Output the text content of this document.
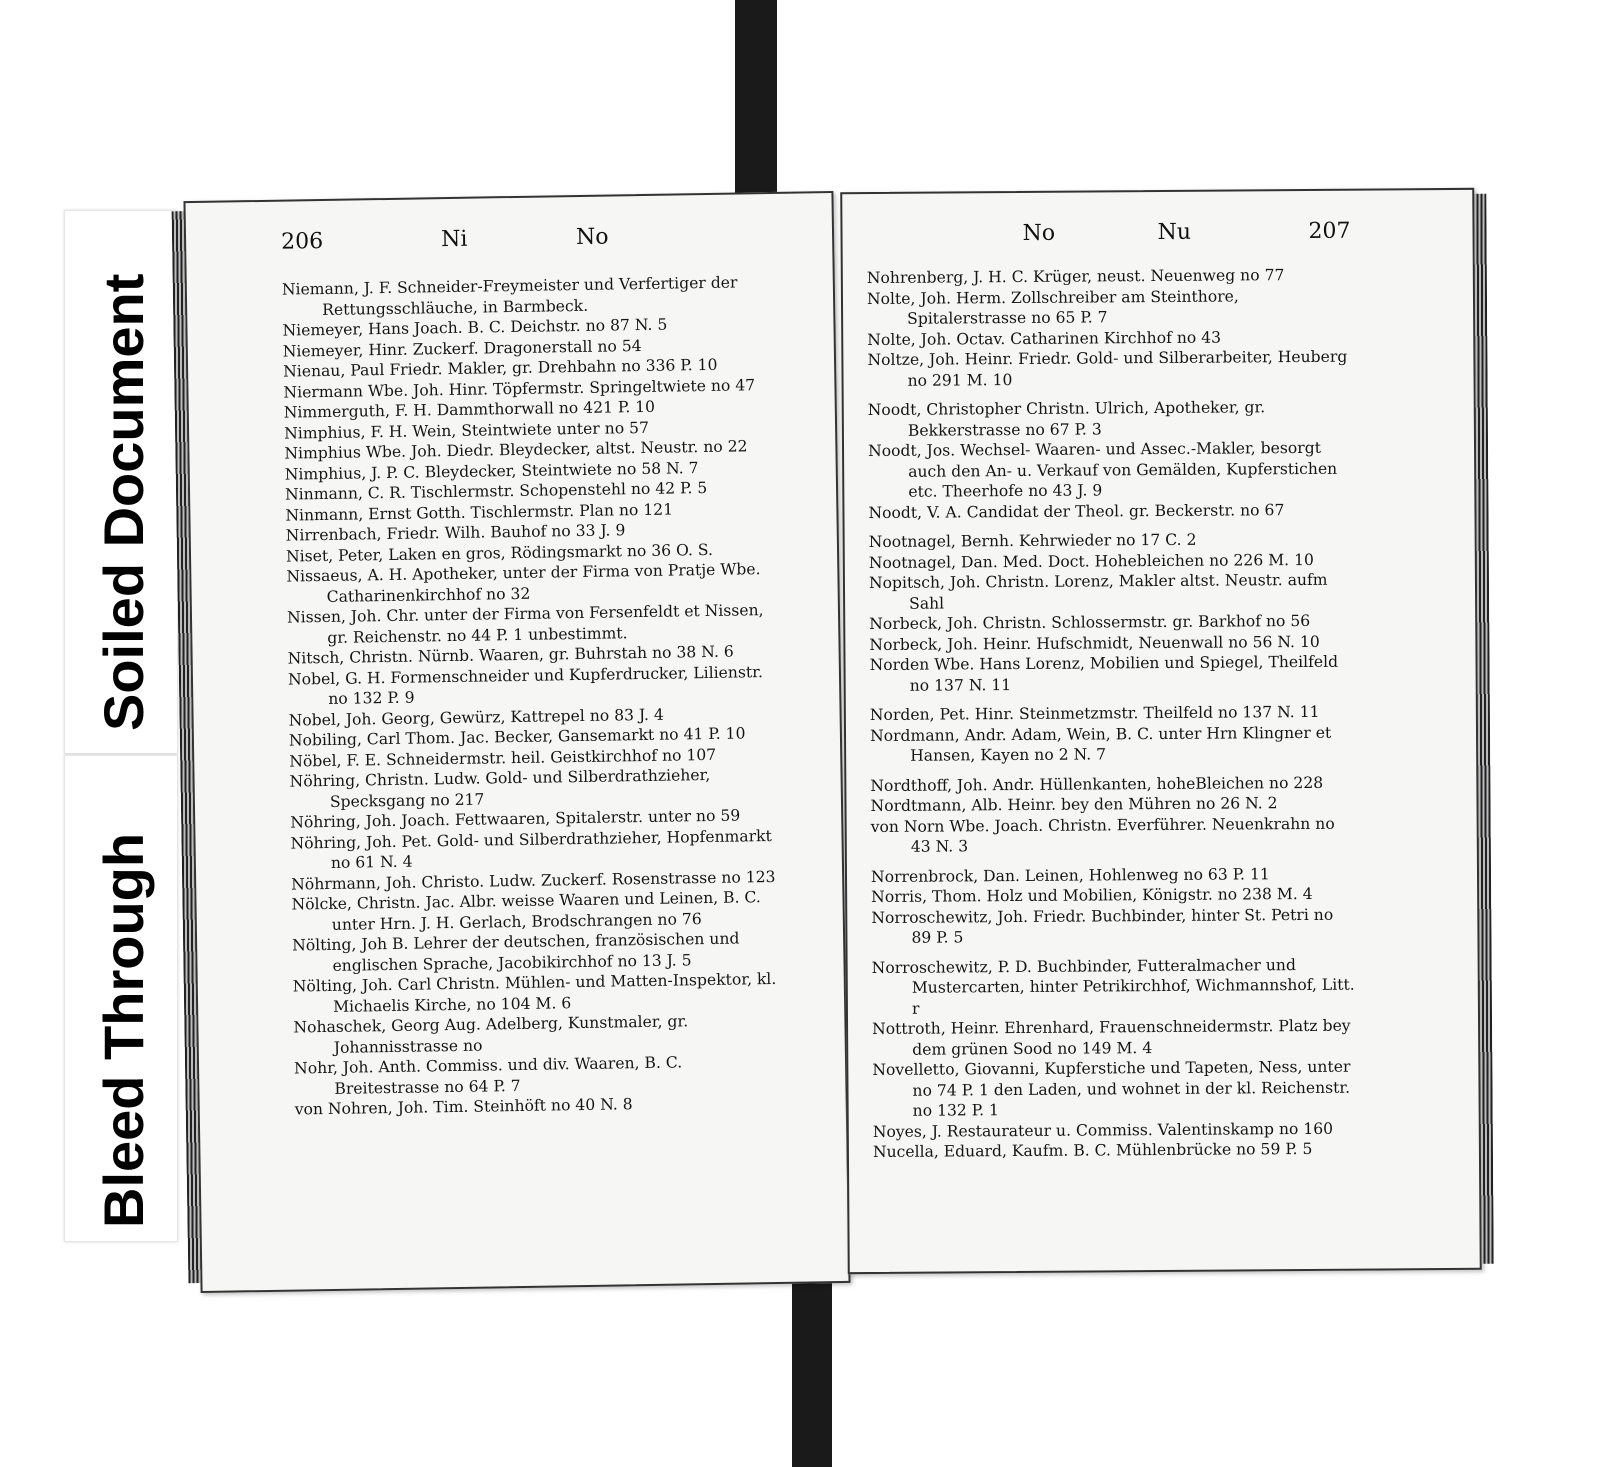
Soiled Document
Bleed Through
206	Ni	No
Niemann, J. F. Schneider-Freymeister und Verfertiger der Rettungsschläuche, in Barmbeck.
Niemeyer, Hans Joach. B. C. Deichstr. no 87 N. 5
Niemeyer, Hinr. Zuckerf. Dragonerstall no 54
Nienau, Paul Friedr. Makler, gr. Drehbahn no 336 P. 10
Niermann Wbe. Joh. Hinr. Töpfermstr. Springeltwiete no 47
Nimmerguth, F. H. Dammthorwall no 421 P. 10
Nimphius, F. H. Wein, Steintwiete unter no 57
Nimphius Wbe. Joh. Diedr. Bleydecker, altst. Neustr. no 22
Nimphius, J. P. C. Bleydecker, Steintwiete no 58 N. 7
Ninmann, C. R. Tischlermstr. Schopenstehl no 42 P. 5
Ninmann, Ernst Gotth. Tischlermstr. Plan no 121
Nirrenbach, Friedr. Wilh. Bauhof no 33 J. 9
Niset, Peter, Laken en gros, Rödingsmarkt no 36 O. S.
Nissaeus, A. H. Apotheker, unter der Firma von Pratje Wbe. Catharinenkirchhof no 32
Nissen, Joh. Chr. unter der Firma von Fersenfeldt et Nissen, gr. Reichenstr. no 44 P. 1 unbestimmt.
Nitsch, Christn. Nürnb. Waaren, gr. Buhrstah no 38 N. 6
Nobel, G. H. Formenschneider und Kupferdrucker, Lilienstr. no 132 P. 9
Nobel, Joh. Georg, Gewürz, Kattrepel no 83 J. 4
Nobiling, Carl Thom. Jac. Becker, Gansemarkt no 41 P. 10
Nöbel, F. E. Schneidermstr. heil. Geistkirchhof no 107
Nöhring, Christn. Ludw. Gold- und Silberdrathzieher, Specksgang no 217
Nöhring, Joh. Joach. Fettwaaren, Spitalerstr. unter no 59
Nöhring, Joh. Pet. Gold- und Silberdrathzieher, Hopfenmarkt no 61 N. 4
Nöhrmann, Joh. Christo. Ludw. Zuckerf. Rosenstrasse no 123
Nölcke, Christn. Jac. Albr. weisse Waaren und Leinen, B. C. unter Hrn. J. H. Gerlach, Brodschrangen no 76
Nölting, Joh B. Lehrer der deutschen, französischen und englischen Sprache, Jacobikirchhof no 13 J. 5
Nölting, Joh. Carl Christn. Mühlen- und Matten-Inspektor, kl. Michaelis Kirche, no 104 M. 6
Nohaschek, Georg Aug. Adelberg, Kunstmaler, gr. Johannisstrasse no
Nohr, Joh. Anth. Commiss. und div. Waaren, B. C. Breitestrasse no 64 P. 7
von Nohren, Joh. Tim. Steinhöft no 40 N. 8
No	Nu	207
Nohrenberg, J. H. C. Krüger, neust. Neuenweg no 77
Nolte, Joh. Herm. Zollschreiber am Steinthore, Spitalerstrasse no 65 P. 7
Nolte, Joh. Octav. Catharinen Kirchhof no 43
Noltze, Joh. Heinr. Friedr. Gold- und Silberarbeiter, Heuberg no 291 M. 10
Noodt, Christopher Christn. Ulrich, Apotheker, gr. Bekkerstrasse no 67 P. 3
Noodt, Jos. Wechsel- Waaren- und Assec.-Makler, besorgt auch den An- u. Verkauf von Gemälden, Kupferstichen etc. Theerhofe no 43 J. 9
Noodt, V. A. Candidat der Theol. gr. Beckerstr. no 67
Nootnagel, Bernh. Kehrwieder no 17 C. 2
Nootnagel, Dan. Med. Doct. Hohebleichen no 226 M. 10
Nopitsch, Joh. Christn. Lorenz, Makler altst. Neustr. aufm Sahl
Norbeck, Joh. Christn. Schlossermstr. gr. Barkhof no 56
Norbeck, Joh. Heinr. Hufschmidt, Neuenwall no 56 N. 10
Norden Wbe. Hans Lorenz, Mobilien und Spiegel, Theilfeld no 137 N. 11
Norden, Pet. Hinr. Steinmetzmstr. Theilfeld no 137 N. 11
Nordmann, Andr. Adam, Wein, B. C. unter Hrn Klingner et Hansen, Kayen no 2 N. 7
Nordthoff, Joh. Andr. Hüllenkanten, hoheBleichen no 228
Nordtmann, Alb. Heinr. bey den Mühren no 26 N. 2
von Norn Wbe. Joach. Christn. Everführer. Neuenkrahn no 43 N. 3
Norrenbrock, Dan. Leinen, Hohlenweg no 63 P. 11
Norris, Thom. Holz und Mobilien, Königstr. no 238 M. 4
Norroschewitz, Joh. Friedr. Buchbinder, hinter St. Petri no 89 P. 5
Norroschewitz, P. D. Buchbinder, Futteralmacher und Mustercarten, hinter Petrikirchhof, Wichmannshof, Litt. r
Nottroth, Heinr. Ehrenhard, Frauenschneidermstr. Platz bey dem grünen Sood no 149 M. 4
Novelletto, Giovanni, Kupferstiche und Tapeten, Ness, unter no 74 P. 1 den Laden, und wohnet in der kl. Reichenstr. no 132 P. 1
Noyes, J. Restaurateur u. Commiss. Valentinskamp no 160
Nucella, Eduard, Kaufm. B. C. Mühlenbrücke no 59 P. 5
